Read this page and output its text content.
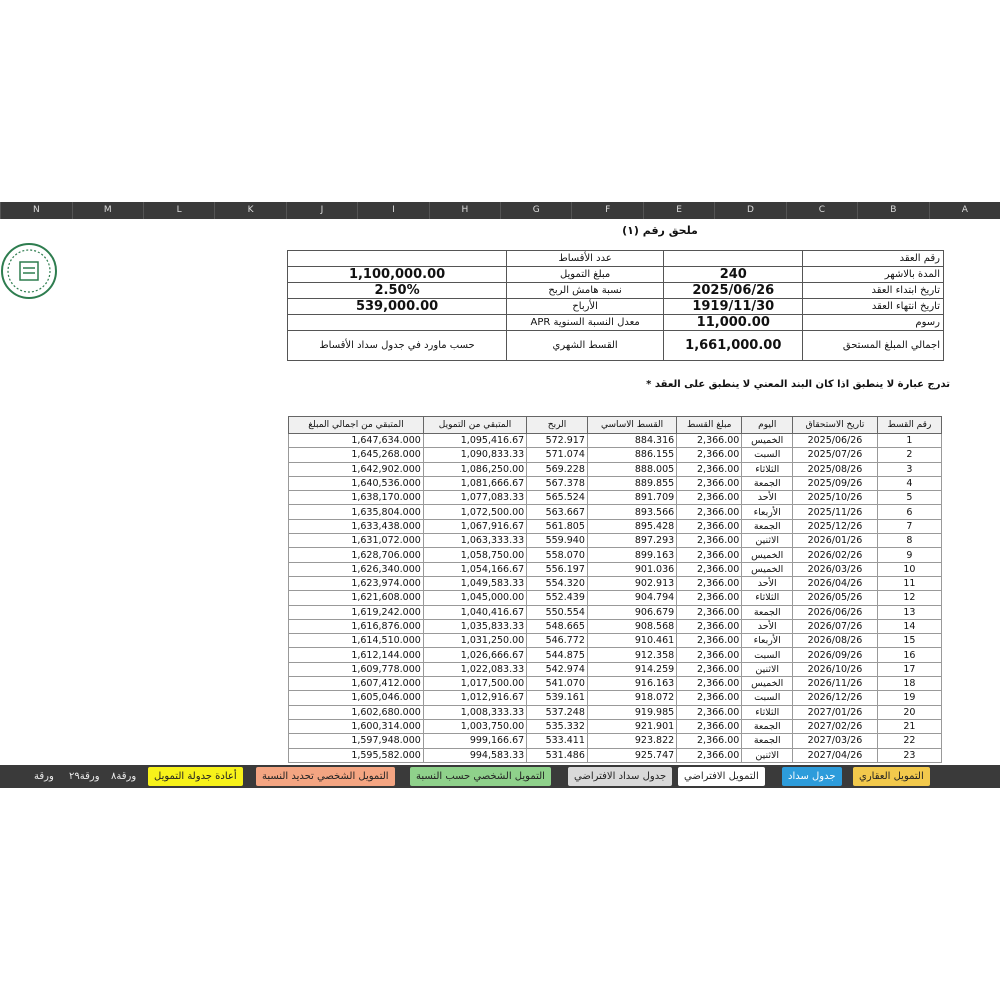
A
B
C
D
E
F
G
H
I
J
K
L
M
N
ملحق رقم (١)
رقم العقد		عدد الأقساط	
المدة بالاشهر	240	مبلغ التمويل	1,100,000.00
تاريخ ابتداء العقد	2025/06/26	نسبة هامش الربح	2.50%
تاريخ انتهاء العقد	1919/11/30	الأرباح	539,000.00
رسوم	11,000.00	معدل النسبة السنوية APR	
اجمالي المبلغ المستحق	1,661,000.00	القسط الشهري	حسب ماورد في جدول سداد الأقساط
تدرج عبارة لا ينطبق اذا كان البند المعني لا ينطبق على العقد *
رقم القسط	تاريخ الاستحقاق	اليوم	مبلغ القسط	القسط الاساسي	الربح	المتبقي من التمويل	المتبقي من اجمالي المبلغ
1	2025/06/26	الخميس	2,366.00	884.316	572.917	1,095,416.67	1,647,634.000
2	2025/07/26	السبت	2,366.00	886.155	571.074	1,090,833.33	1,645,268.000
3	2025/08/26	الثلاثاء	2,366.00	888.005	569.228	1,086,250.00	1,642,902.000
4	2025/09/26	الجمعة	2,366.00	889.855	567.378	1,081,666.67	1,640,536.000
5	2025/10/26	الأحد	2,366.00	891.709	565.524	1,077,083.33	1,638,170.000
6	2025/11/26	الأربعاء	2,366.00	893.566	563.667	1,072,500.00	1,635,804.000
7	2025/12/26	الجمعة	2,366.00	895.428	561.805	1,067,916.67	1,633,438.000
8	2026/01/26	الاثنين	2,366.00	897.293	559.940	1,063,333.33	1,631,072.000
9	2026/02/26	الخميس	2,366.00	899.163	558.070	1,058,750.00	1,628,706.000
10	2026/03/26	الخميس	2,366.00	901.036	556.197	1,054,166.67	1,626,340.000
11	2026/04/26	الأحد	2,366.00	902.913	554.320	1,049,583.33	1,623,974.000
12	2026/05/26	الثلاثاء	2,366.00	904.794	552.439	1,045,000.00	1,621,608.000
13	2026/06/26	الجمعة	2,366.00	906.679	550.554	1,040,416.67	1,619,242.000
14	2026/07/26	الأحد	2,366.00	908.568	548.665	1,035,833.33	1,616,876.000
15	2026/08/26	الأربعاء	2,366.00	910.461	546.772	1,031,250.00	1,614,510.000
16	2026/09/26	السبت	2,366.00	912.358	544.875	1,026,666.67	1,612,144.000
17	2026/10/26	الاثنين	2,366.00	914.259	542.974	1,022,083.33	1,609,778.000
18	2026/11/26	الخميس	2,366.00	916.163	541.070	1,017,500.00	1,607,412.000
19	2026/12/26	السبت	2,366.00	918.072	539.161	1,012,916.67	1,605,046.000
20	2027/01/26	الثلاثاء	2,366.00	919.985	537.248	1,008,333.33	1,602,680.000
21	2027/02/26	الجمعة	2,366.00	921.901	535.332	1,003,750.00	1,600,314.000
22	2027/03/26	الجمعة	2,366.00	923.822	533.411	999,166.67	1,597,948.000
23	2027/04/26	الاثنين	2,366.00	925.747	531.486	994,583.33	1,595,582.000
التمويل العقاري
جدول سداد
التمويل الافتراضي
جدول سداد الافتراضي
التمويل الشخصي حسب النسبة
التمويل الشخصي تحديد النسبة
أعادة جدولة التمويل
ورقة٨
ورقة٢٩
ورقة
